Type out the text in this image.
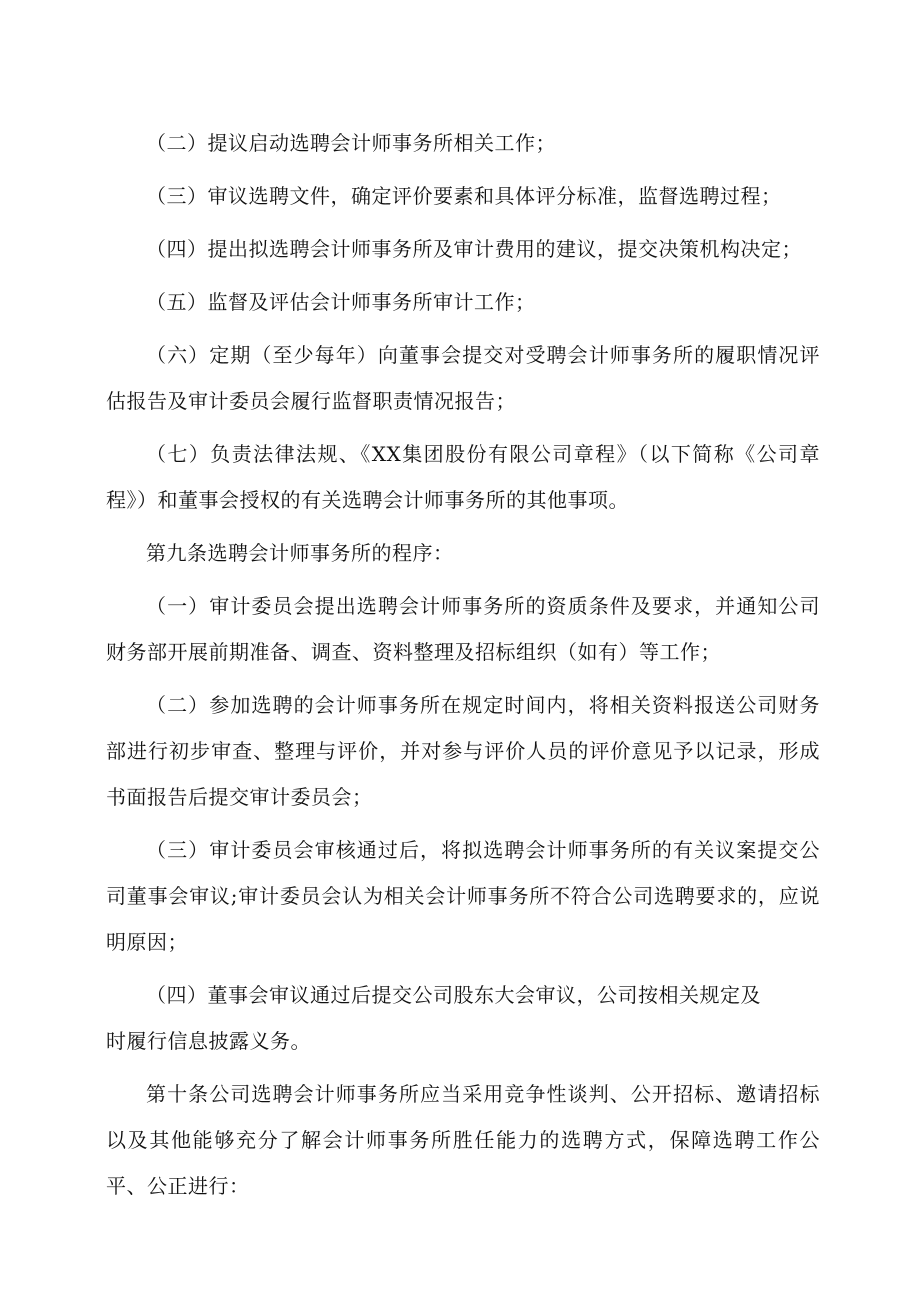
（二）提议启动选聘会计师事务所相关工作；

（三）审议选聘文件，确定评价要素和具体评分标准，监督选聘过程；

（四）提出拟选聘会计师事务所及审计费用的建议，提交决策机构决定；

（五）监督及评估会计师事务所审计工作；

（六）定期（至少每年）向董事会提交对受聘会计师事务所的履职情况评估报告及审计委员会履行监督职责情况报告；

（七）负责法律法规、《XX集团股份有限公司章程》（以下简称《公司章程》）和董事会授权的有关选聘会计师事务所的其他事项。

第九条选聘会计师事务所的程序：

（一）审计委员会提出选聘会计师事务所的资质条件及要求，并通知公司财务部开展前期准备、调查、资料整理及招标组织（如有）等工作；

（二）参加选聘的会计师事务所在规定时间内，将相关资料报送公司财务部进行初步审查、整理与评价，并对参与评价人员的评价意见予以记录，形成书面报告后提交审计委员会；

（三）审计委员会审核通过后，将拟选聘会计师事务所的有关议案提交公司董事会审议;审计委员会认为相关会计师事务所不符合公司选聘要求的，应说明原因；

（四）董事会审议通过后提交公司股东大会审议，公司按相关规定及

时履行信息披露义务。

第十条公司选聘会计师事务所应当采用竞争性谈判、公开招标、邀请招标以及其他能够充分了解会计师事务所胜任能力的选聘方式，保障选聘工作公平、公正进行：
